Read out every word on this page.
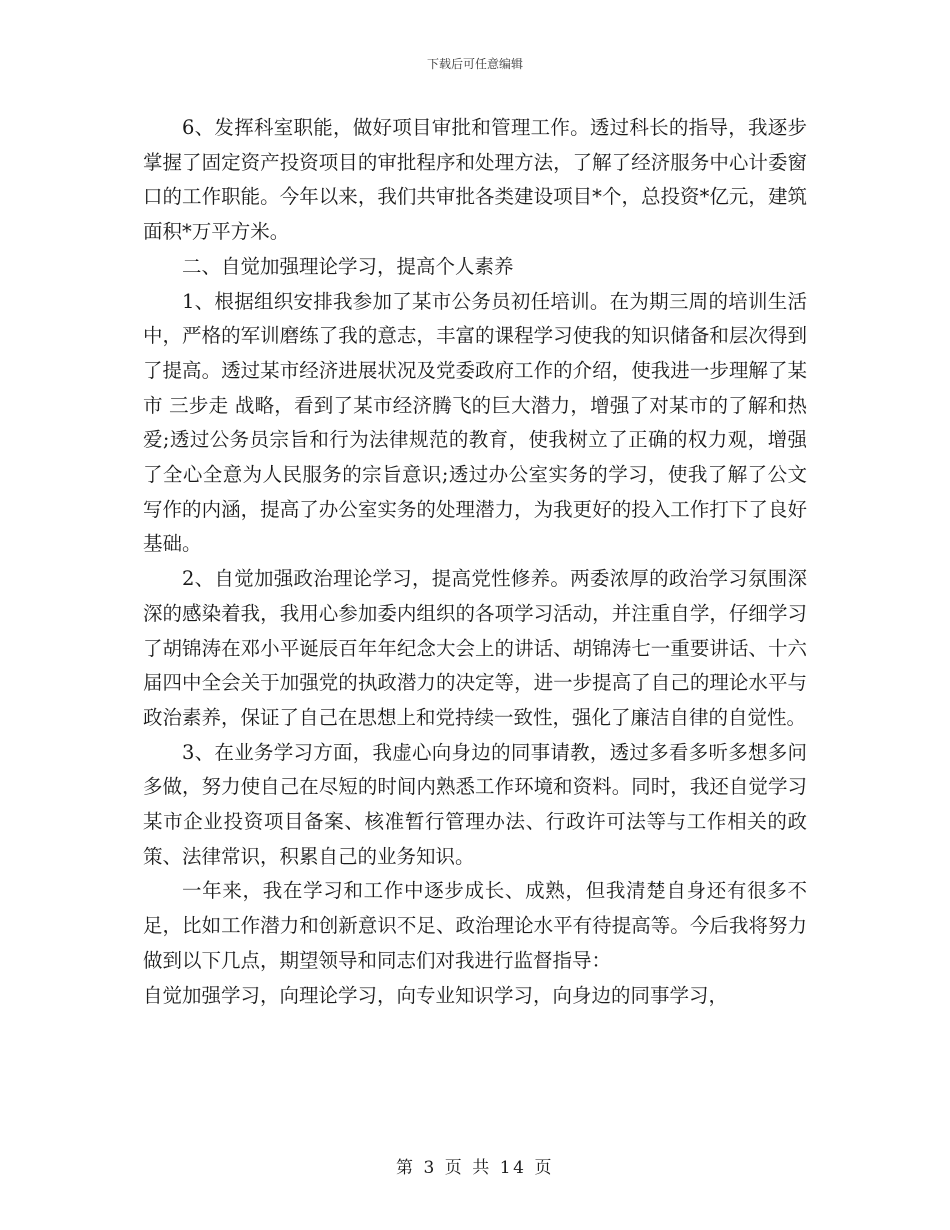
下载后可任意编辑

6、发挥科室职能，做好项目审批和管理工作。透过科长的指导，我逐步掌握了固定资产投资项目的审批程序和处理方法，了解了经济服务中心计委窗口的工作职能。今年以来，我们共审批各类建设项目*个，总投资*亿元，建筑面积*万平方米。

二、自觉加强理论学习，提高个人素养

1、根据组织安排我参加了某市公务员初任培训。在为期三周的培训生活中，严格的军训磨练了我的意志，丰富的课程学习使我的知识储备和层次得到了提高。透过某市经济进展状况及党委政府工作的介绍，使我进一步理解了某市 三步走 战略，看到了某市经济腾飞的巨大潜力，增强了对某市的了解和热爱;透过公务员宗旨和行为法律规范的教育，使我树立了正确的权力观，增强了全心全意为人民服务的宗旨意识;透过办公室实务的学习，使我了解了公文写作的内涵，提高了办公室实务的处理潜力，为我更好的投入工作打下了良好基础。

2、自觉加强政治理论学习，提高党性修养。两委浓厚的政治学习氛围深深的感染着我，我用心参加委内组织的各项学习活动，并注重自学，仔细学习了胡锦涛在邓小平诞辰百年年纪念大会上的讲话、胡锦涛七一重要讲话、十六届四中全会关于加强党的执政潜力的决定等，进一步提高了自己的理论水平与政治素养，保证了自己在思想上和党持续一致性，强化了廉洁自律的自觉性。

3、在业务学习方面，我虚心向身边的同事请教，透过多看多听多想多问多做，努力使自己在尽短的时间内熟悉工作环境和资料。同时，我还自觉学习某市企业投资项目备案、核准暂行管理办法、行政许可法等与工作相关的政策、法律常识，积累自己的业务知识。

一年来，我在学习和工作中逐步成长、成熟，但我清楚自身还有很多不足，比如工作潜力和创新意识不足、政治理论水平有待提高等。今后我将努力做到以下几点，期望领导和同志们对我进行监督指导：

自觉加强学习，向理论学习，向专业知识学习，向身边的同事学习，

第 3 页 共 14 页
